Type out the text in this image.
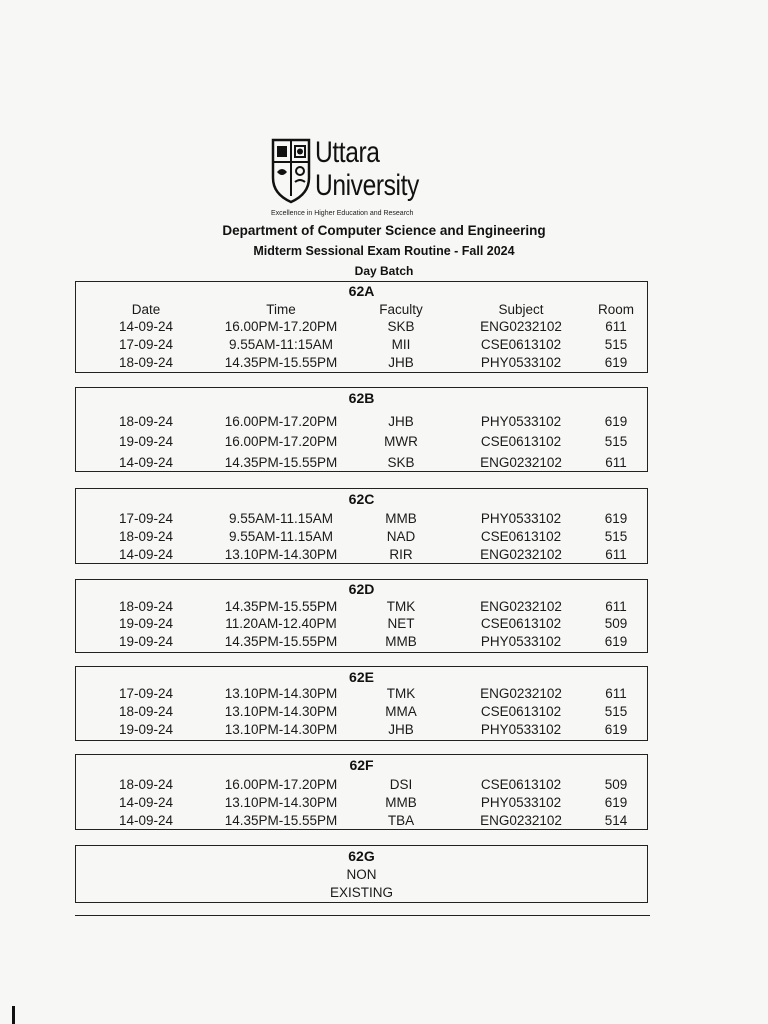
Uttara
University
Excellence in Higher Education and Research
Department of Computer Science and Engineering
Midterm Sessional Exam Routine - Fall 2024
Day Batch
62A
Date	Time	Faculty	Subject	Room
14-09-24	16.00PM-17.20PM	SKB	ENG0232102	611
17-09-24	9.55AM-11:15AM	MII	CSE0613102	515
18-09-24	14.35PM-15.55PM	JHB	PHY0533102	619
62B
18-09-24	16.00PM-17.20PM	JHB	PHY0533102	619
19-09-24	16.00PM-17.20PM	MWR	CSE0613102	515
14-09-24	14.35PM-15.55PM	SKB	ENG0232102	611
62C
17-09-24	9.55AM-11.15AM	MMB	PHY0533102	619
18-09-24	9.55AM-11.15AM	NAD	CSE0613102	515
14-09-24	13.10PM-14.30PM	RIR	ENG0232102	611
62D
18-09-24	14.35PM-15.55PM	TMK	ENG0232102	611
19-09-24	11.20AM-12.40PM	NET	CSE0613102	509
19-09-24	14.35PM-15.55PM	MMB	PHY0533102	619
62E
17-09-24	13.10PM-14.30PM	TMK	ENG0232102	611
18-09-24	13.10PM-14.30PM	MMA	CSE0613102	515
19-09-24	13.10PM-14.30PM	JHB	PHY0533102	619
62F
18-09-24	16.00PM-17.20PM	DSI	CSE0613102	509
14-09-24	13.10PM-14.30PM	MMB	PHY0533102	619
14-09-24	14.35PM-15.55PM	TBA	ENG0232102	514
62G
NON
EXISTING
